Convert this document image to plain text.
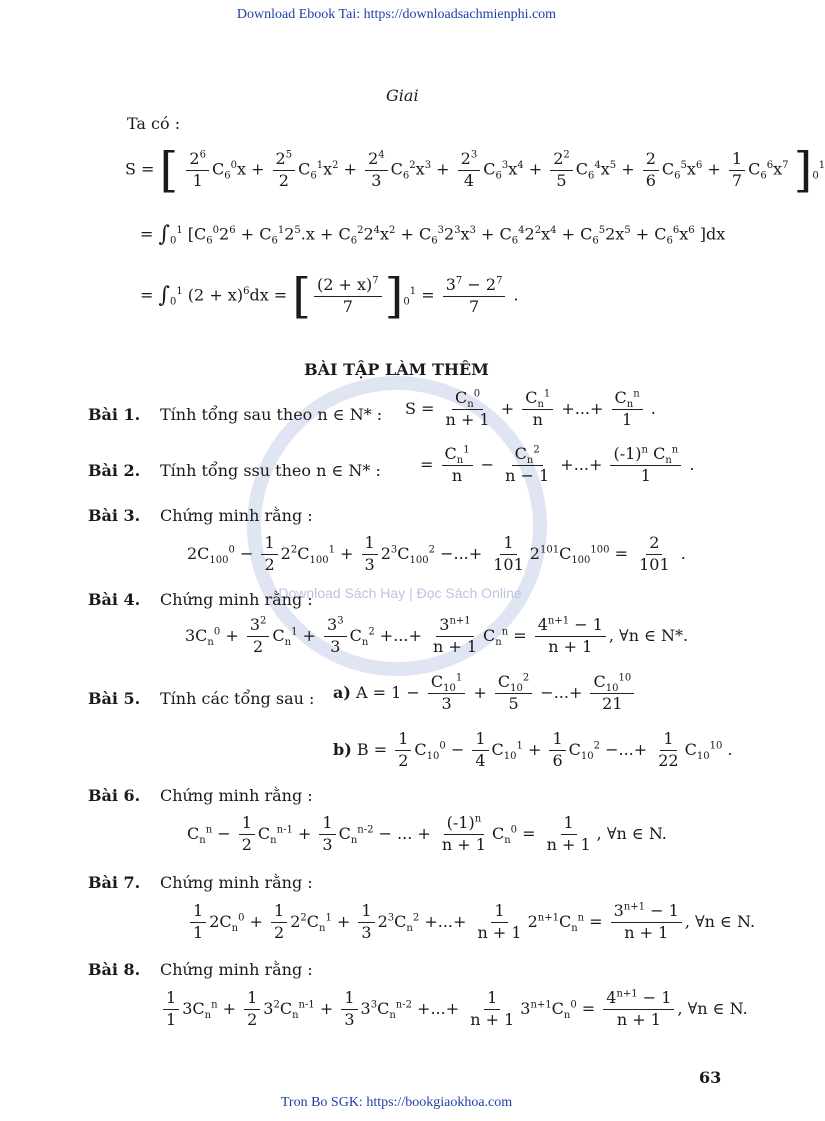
Download Ebook Tai: https://downloadsachmienphi.com
Download Sách Hay | Đọc Sách Online
Giai
Ta có :
S = [ $\frac{2^6}{1} C_6^0x + \frac{2^5}{2} C_6^1x^2 + \frac{2^4}{3} C_6^2x^3 + \frac{2^3}{4} C_6^3x^4 + \frac{2^2}{5} C_6^4x^5 + \frac{2}{6} C_6^5x^6 + \frac{1}{7} C_6^6x^7$ ]$_0^1$
= $\int_0^1$ [$C_6^02^6 + C_6^12^5.x + C_6^22^4x^2 + C_6^32^3x^3 + C_6^42^2x^4 + C_6^52x^5 + C_6^6x^6$ ]dx
= $\int_0^1$ $(2 + x)^6dx$ = [ $\frac{(2 + x)^7}{7} ]_0^1 = \frac{3^7 - 2^7}{7}$ .
BÀI TẬP LÀM THÊM
Bài 1. Tính tổng sau theo n ∈ N* : $S = \frac{C_n^0}{n + 1} + \frac{C_n^1}{n}$ +...+
$C_n^n$
1
.
Bài 2. Tính tổng ssu theo n ∈ N* : = $\frac{C_n^1}{n} - \frac{C_n^2}{n - 1}$ +...+
$(-1)^n$ $C_n^n$
1
.
Bài 3. Chứng minh rằng :
$2C_{100}^0 - \frac{1}{2} 2^2C_{100}^1 + \frac{1}{3} 2^3C_{100}^2$ −...+ $\frac{1}{101} 2^{101}C_{100}^{100} = \frac{2}{101}$ .
Bài 4. Chứng minh rằng :
$3C_n^0 + \frac{3^2}{2} C_n^1 + \frac{3^3}{3} C_n^2$ +...+ $\frac{3^{n+1}}{n + 1} C_n^n = \frac{4^{n+1} - 1}{n + 1}$ , ∀n ∈ N*.
Bài 5. Tính các tổng sau : a) $A = 1 - \frac{C_{10}^1}{3} + \frac{C_{10}^2}{5}$ −...+ $\frac{C_{10}^{10}}{21}$
b) $B = \frac{1}{2} C_{10}^0 - \frac{1}{4} C_{10}^1 + \frac{1}{6} C_{10}^2$ −...+ $\frac{1}{22} C_{10}^{10}$ .
Bài 6. Chứng minh rằng :
$C_n^n - \frac{1}{2} C_n^{n-1} + \frac{1}{3} C_n^{n-2}$ − ... + $\frac{(-1)^n}{n + 1} C_n^0 = \frac{1}{n + 1}$ , ∀n ∈ N.
Bài 7. Chứng minh rằng :
$\frac{1}{1} 2C_n^0 + \frac{1}{2} 2^2C_n^1 + \frac{1}{3} 2^3C_n^2$ +...+ $\frac{1}{n + 1} 2^{n+1}C_n^n = \frac{3^{n+1} - 1}{n + 1}$ , ∀n ∈ N.
Bài 8. Chứng minh rằng :
$\frac{1}{1} 3C_n^n + \frac{1}{2} 3^2C_n^{n-1} + \frac{1}{3} 3^3C_n^{n-2}$ +...+ $\frac{1}{n + 1} 3^{n+1}C_n^0 = \frac{4^{n+1} - 1}{n + 1}$ , ∀n ∈ N.
63
Tron Bo SGK: https://bookgiaokhoa.com
